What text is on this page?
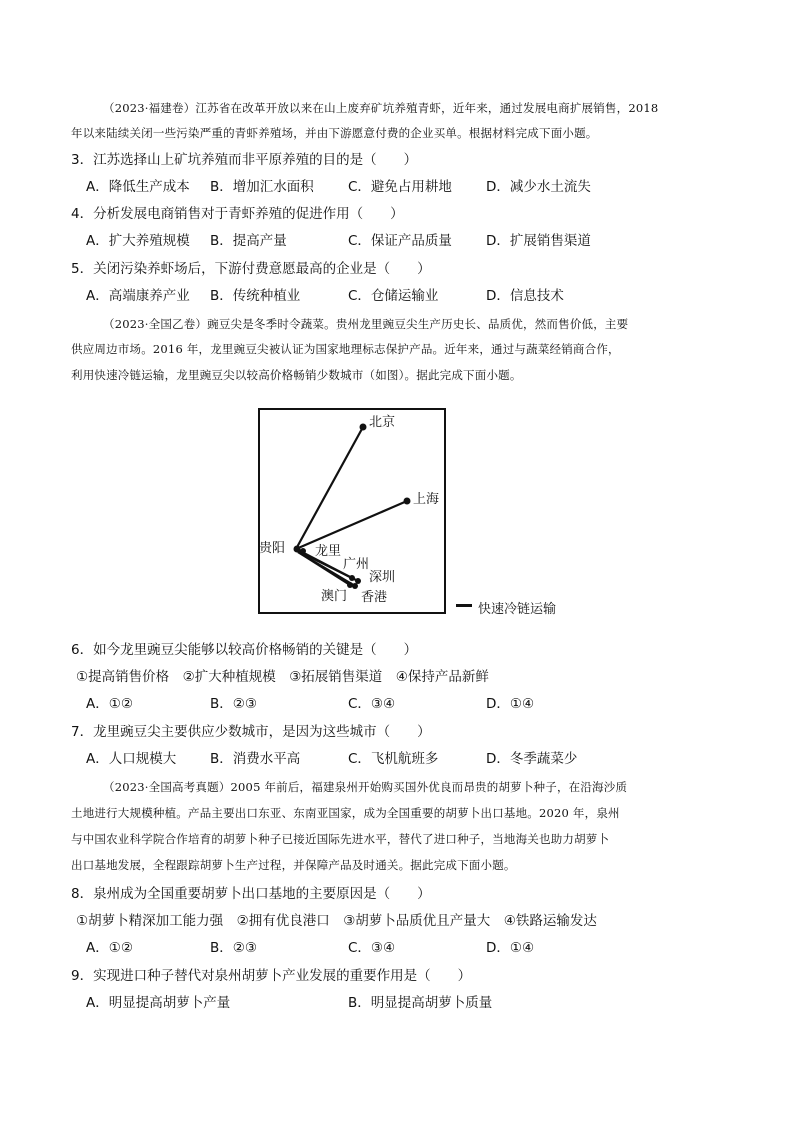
（2023·福建卷）江苏省在改革开放以来在山上废弃矿坑养殖青虾，近年来，通过发展电商扩展销售，2018
年以来陆续关闭一些污染严重的青虾养殖场，并由下游愿意付费的企业买单。根据材料完成下面小题。
3．江苏选择山上矿坑养殖而非平原养殖的目的是（　　）
A．降低生产成本 B．增加汇水面积	C．避免占用耕地	D．减少水土流失
4．分析发展电商销售对于青虾养殖的促进作用（　　）
A．扩大养殖规模 B．提高产量	C．保证产品质量	D．扩展销售渠道
5．关闭污染养虾场后，下游付费意愿最高的企业是（　　）
A．高端康养产业 B．传统种植业	C．仓储运输业	D．信息技术
（2023·全国乙卷）豌豆尖是冬季时令蔬菜。贵州龙里豌豆尖生产历史长、品质优，然而售价低，主要
供应周边市场。2016 年，龙里豌豆尖被认证为国家地理标志保护产品。近年来，通过与蔬菜经销商合作，
利用快速冷链运输，龙里豌豆尖以较高价格畅销少数城市（如图）。据此完成下面小题。
北京
上海
贵阳 龙里
广州
深圳
澳门 香港
快速冷链运输
6．如今龙里豌豆尖能够以较高价格畅销的关键是（　　）
①提高销售价格　②扩大种植规模　③拓展销售渠道　④保持产品新鲜
A．①②	B．②③	C．③④	D．①④
7．龙里豌豆尖主要供应少数城市，是因为这些城市（　　）
A．人口规模大	B．消费水平高	C．飞机航班多	D．冬季蔬菜少
（2023·全国高考真题）2005 年前后，福建泉州开始购买国外优良而昂贵的胡萝卜种子，在沿海沙质
土地进行大规模种植。产品主要出口东亚、东南亚国家，成为全国重要的胡萝卜出口基地。2020 年，泉州
与中国农业科学院合作培育的胡萝卜种子已接近国际先进水平，替代了进口种子，当地海关也助力胡萝卜
出口基地发展，全程跟踪胡萝卜生产过程，并保障产品及时通关。据此完成下面小题。
8．泉州成为全国重要胡萝卜出口基地的主要原因是（　　）
①胡萝卜精深加工能力强　②拥有优良港口　③胡萝卜品质优且产量大　④铁路运输发达
A．①②	B．②③	C．③④	D．①④
9．实现进口种子替代对泉州胡萝卜产业发展的重要作用是（　　）
A．明显提高胡萝卜产量	B．明显提高胡萝卜质量
